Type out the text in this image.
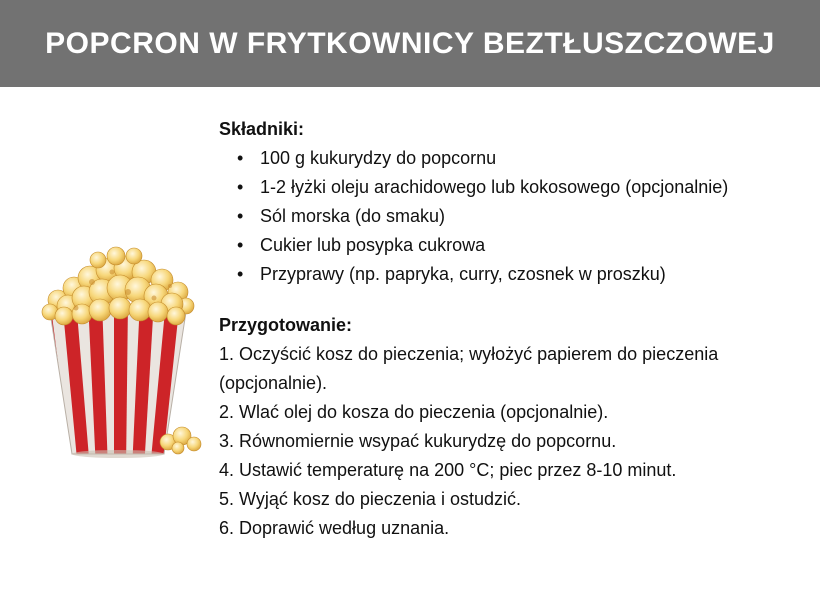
POPCRON W FRYTKOWNICY BEZTŁUSZCZOWEJ

Składniki:

• 100 g kukurydzy do popcornu
• 1-2 łyżki oleju arachidowego lub kokosowego (opcjonalnie)
• Sól morska (do smaku)
• Cukier lub posypka cukrowa
• Przyprawy (np. papryka, curry, czosnek w proszku)

Przygotowanie:

1. Oczyścić kosz do pieczenia; wyłożyć papierem do pieczenia (opcjonalnie).

2. Wlać olej do kosza do pieczenia (opcjonalnie).

3. Równomiernie wsypać kukurydzę do popcornu.

4. Ustawić temperaturę na 200 °C; piec przez 8-10 minut.

5. Wyjąć kosz do pieczenia i ostudzić.

6. Doprawić według uznania.
